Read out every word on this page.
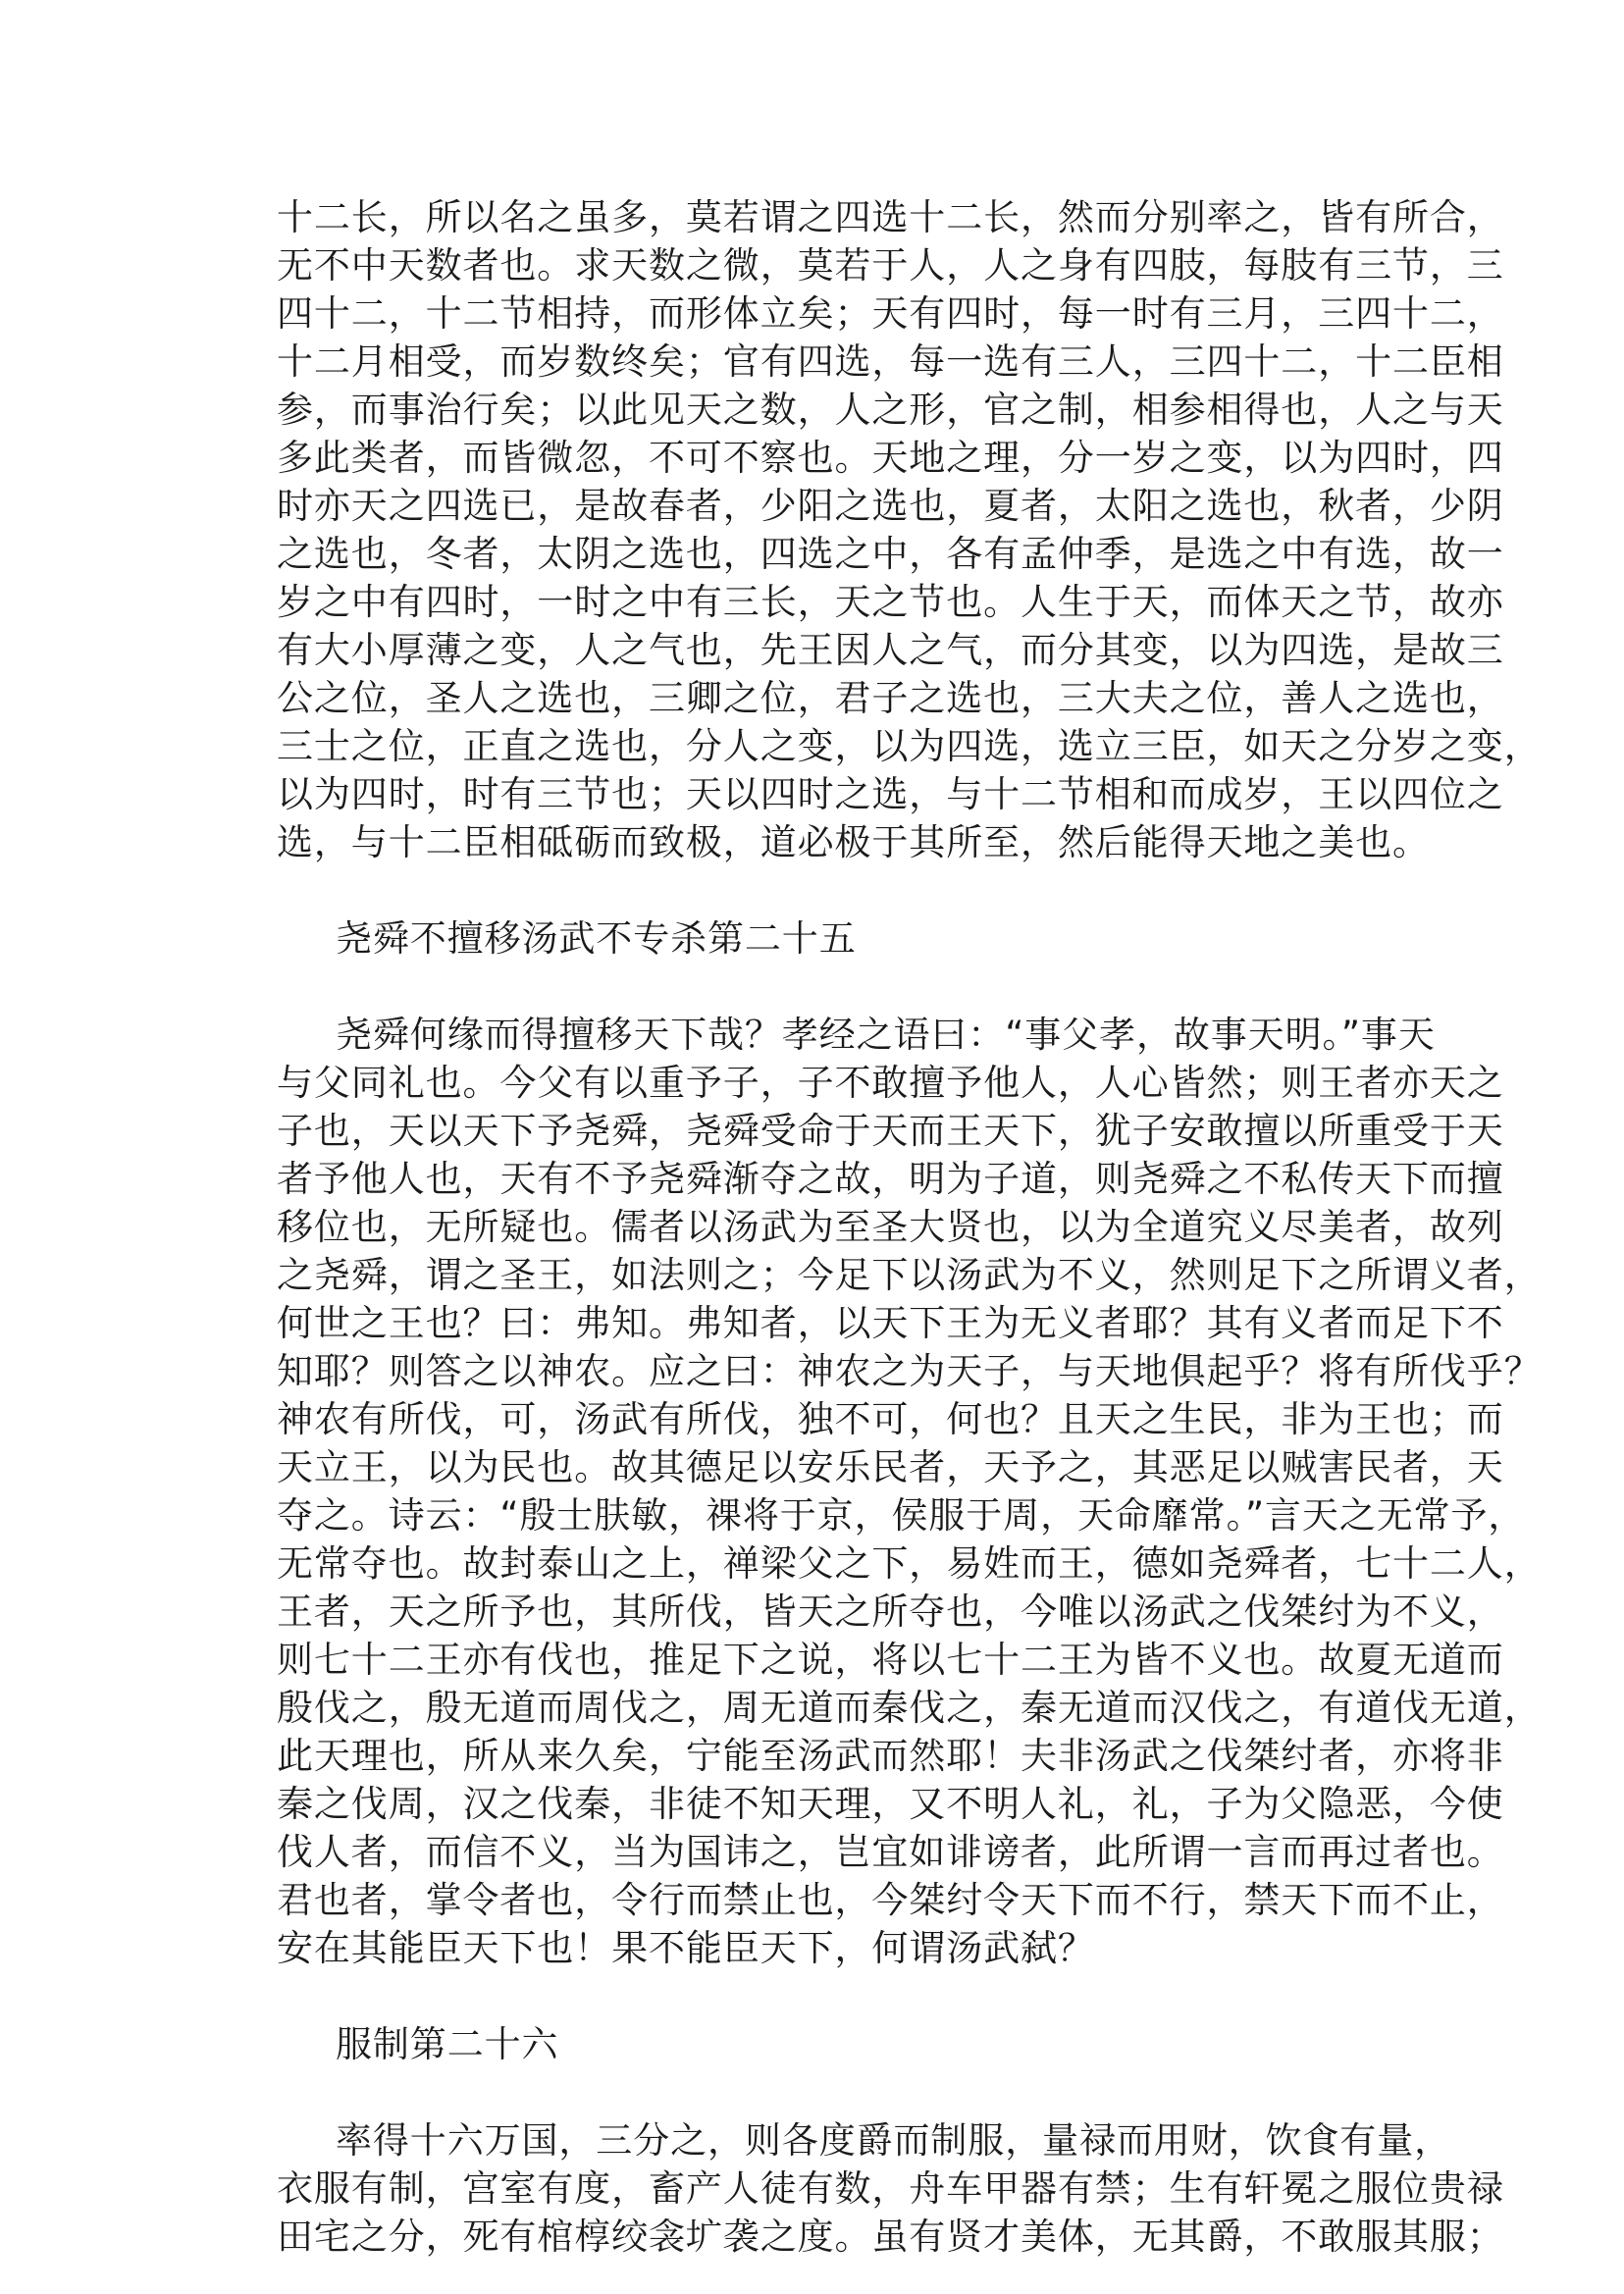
十二长，所以名之虽多，莫若谓之四选十二长，然而分别率之，皆有所合，

无不中天数者也。求天数之微，莫若于人，人之身有四肢，每肢有三节，三

四十二，十二节相持，而形体立矣；天有四时，每一时有三月，三四十二，

十二月相受，而岁数终矣；官有四选，每一选有三人，三四十二，十二臣相

参，而事治行矣；以此见天之数，人之形，官之制，相参相得也，人之与天

多此类者，而皆微忽，不可不察也。天地之理，分一岁之变，以为四时，四

时亦天之四选已，是故春者，少阳之选也，夏者，太阳之选也，秋者，少阴

之选也，冬者，太阴之选也，四选之中，各有孟仲季，是选之中有选，故一

岁之中有四时，一时之中有三长，天之节也。人生于天，而体天之节，故亦

有大小厚薄之变，人之气也，先王因人之气，而分其变，以为四选，是故三

公之位，圣人之选也，三卿之位，君子之选也，三大夫之位，善人之选也，

三士之位，正直之选也，分人之变，以为四选，选立三臣，如天之分岁之变，

以为四时，时有三节也；天以四时之选，与十二节相和而成岁，王以四位之

选，与十二臣相砥砺而致极，道必极于其所至，然后能得天地之美也。

尧舜不擅移汤武不专杀第二十五

尧舜何缘而得擅移天下哉？孝经之语曰：“事父孝，故事天明。”事天

与父同礼也。今父有以重予子，子不敢擅予他人，人心皆然；则王者亦天之

子也，天以天下予尧舜，尧舜受命于天而王天下，犹子安敢擅以所重受于天

者予他人也，天有不予尧舜渐夺之故，明为子道，则尧舜之不私传天下而擅

移位也，无所疑也。儒者以汤武为至圣大贤也，以为全道究义尽美者，故列

之尧舜，谓之圣王，如法则之；今足下以汤武为不义，然则足下之所谓义者，

何世之王也？曰：弗知。弗知者，以天下王为无义者耶？其有义者而足下不

知耶？则答之以神农。应之曰：神农之为天子，与天地俱起乎？将有所伐乎？

神农有所伐，可，汤武有所伐，独不可，何也？且天之生民，非为王也；而

天立王，以为民也。故其德足以安乐民者，天予之，其恶足以贼害民者，天

夺之。诗云：“殷士肤敏，祼将于京，侯服于周，天命靡常。”言天之无常予，

无常夺也。故封泰山之上，禅梁父之下，易姓而王，德如尧舜者，七十二人，

王者，天之所予也，其所伐，皆天之所夺也，今唯以汤武之伐桀纣为不义，

则七十二王亦有伐也，推足下之说，将以七十二王为皆不义也。故夏无道而

殷伐之，殷无道而周伐之，周无道而秦伐之，秦无道而汉伐之，有道伐无道，

此天理也，所从来久矣，宁能至汤武而然耶！夫非汤武之伐桀纣者，亦将非

秦之伐周，汉之伐秦，非徒不知天理，又不明人礼，礼，子为父隐恶，今使

伐人者，而信不义，当为国讳之，岂宜如诽谤者，此所谓一言而再过者也。

君也者，掌令者也，令行而禁止也，今桀纣令天下而不行，禁天下而不止，

安在其能臣天下也！果不能臣天下，何谓汤武弑？

服制第二十六

率得十六万国，三分之，则各度爵而制服，量禄而用财，饮食有量，

衣服有制，宫室有度，畜产人徒有数，舟车甲器有禁；生有轩冕之服位贵禄

田宅之分，死有棺椁绞衾圹袭之度。虽有贤才美体，无其爵，不敢服其服；
